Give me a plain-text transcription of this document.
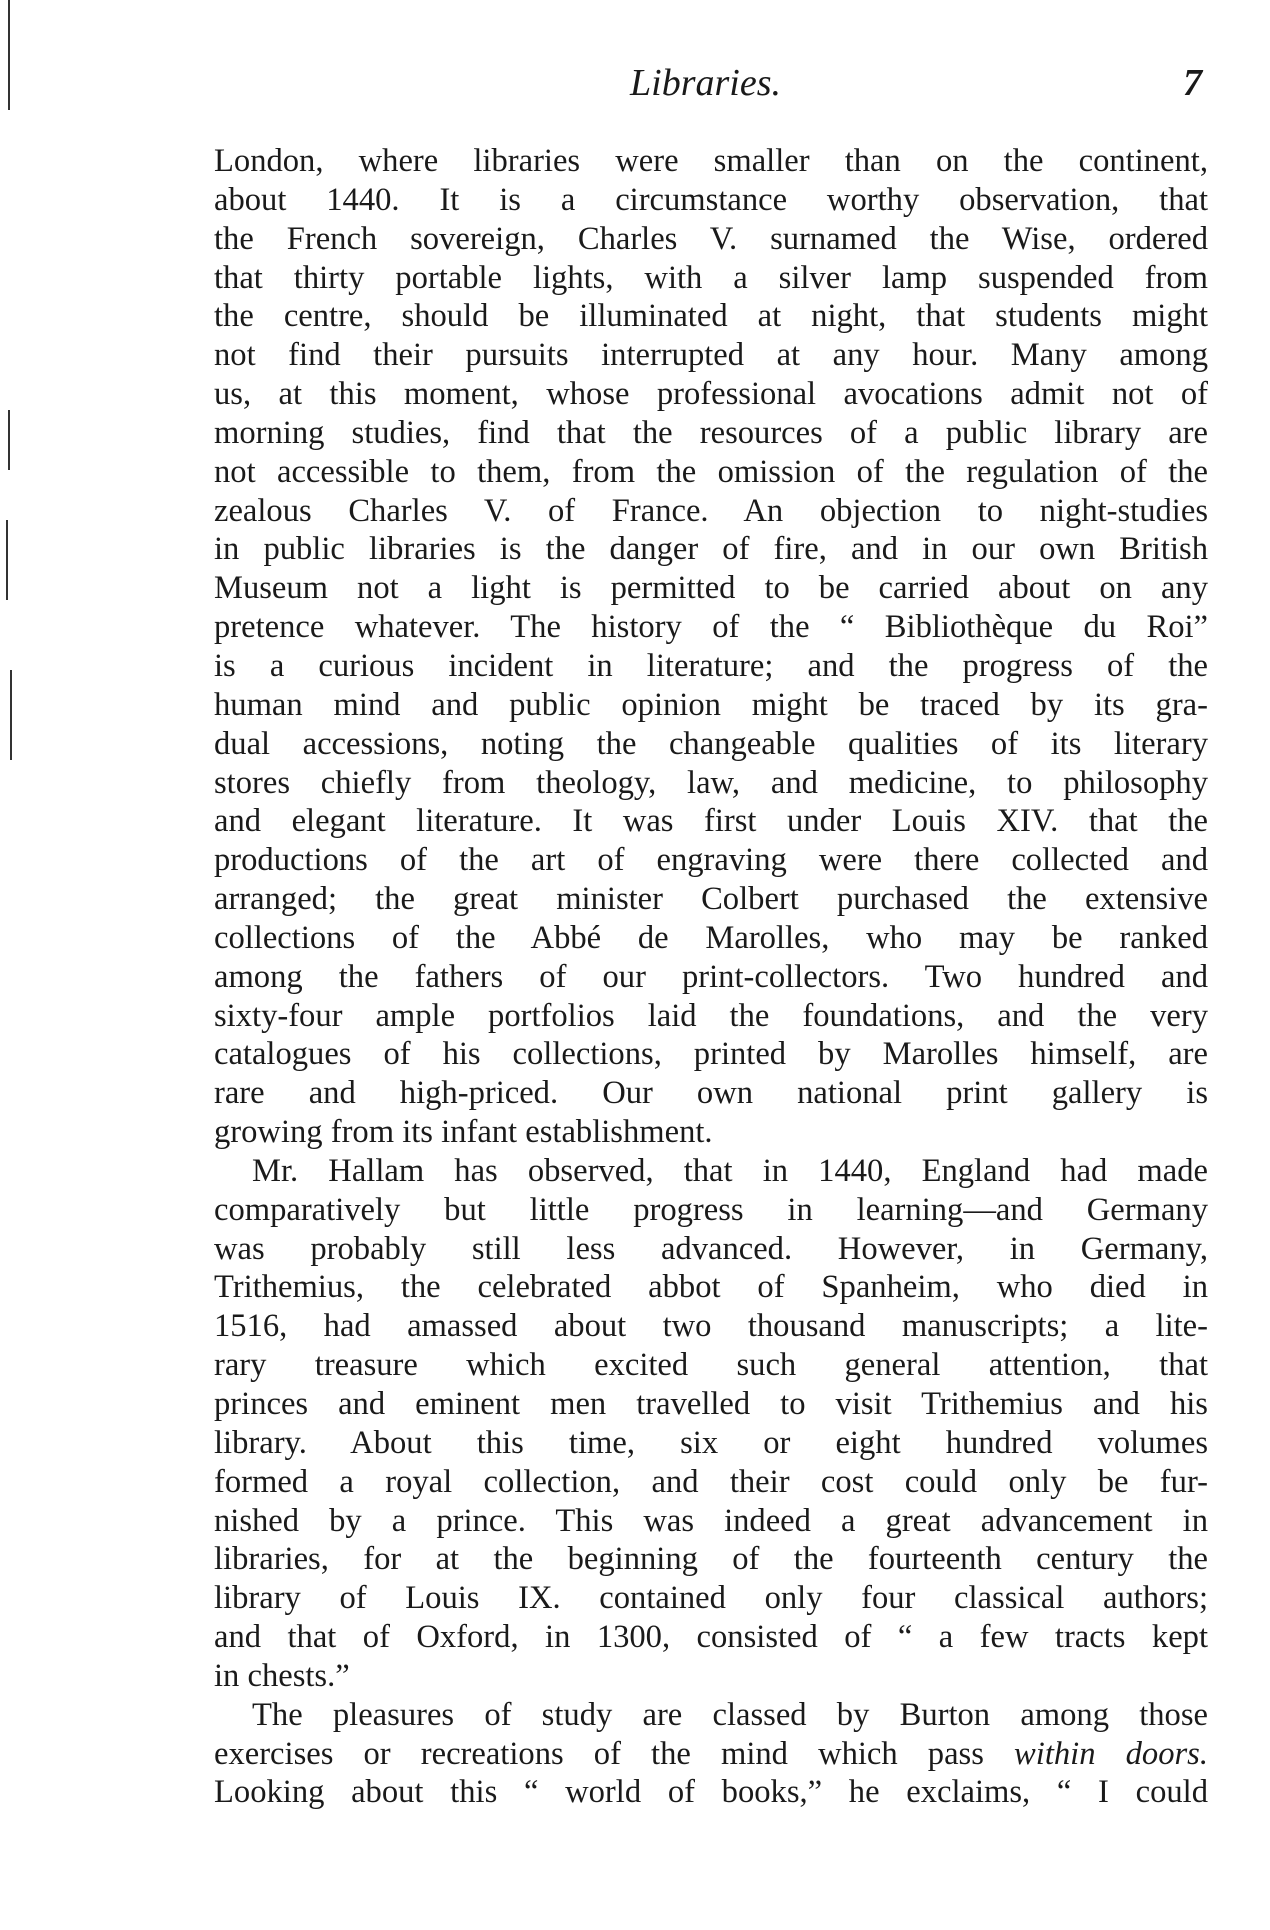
Libraries.	7
London, where libraries were smaller than on the continent,
about 1440. It is a circumstance worthy observation, that
the French sovereign, Charles V. surnamed the Wise, ordered
that thirty portable lights, with a silver lamp suspended from
the centre, should be illuminated at night, that students might
not find their pursuits interrupted at any hour. Many among
us, at this moment, whose professional avocations admit not of
morning studies, find that the resources of a public library are
not accessible to them, from the omission of the regulation of the
zealous Charles V. of France. An objection to night-studies
in public libraries is the danger of fire, and in our own British
Museum not a light is permitted to be carried about on any
pretence whatever. The history of the “ Bibliothèque du Roi”
is a curious incident in literature; and the progress of the
human mind and public opinion might be traced by its gra-
dual accessions, noting the changeable qualities of its literary
stores chiefly from theology, law, and medicine, to philosophy
and elegant literature. It was first under Louis XIV. that the
productions of the art of engraving were there collected and
arranged; the great minister Colbert purchased the extensive
collections of the Abbé de Marolles, who may be ranked
among the fathers of our print-collectors. Two hundred and
sixty-four ample portfolios laid the foundations, and the very
catalogues of his collections, printed by Marolles himself, are
rare and high-priced. Our own national print gallery is
growing from its infant establishment.
Mr. Hallam has observed, that in 1440, England had made
comparatively but little progress in learning—and Germany
was probably still less advanced. However, in Germany,
Trithemius, the celebrated abbot of Spanheim, who died in
1516, had amassed about two thousand manuscripts; a lite-
rary treasure which excited such general attention, that
princes and eminent men travelled to visit Trithemius and his
library. About this time, six or eight hundred volumes
formed a royal collection, and their cost could only be fur-
nished by a prince. This was indeed a great advancement in
libraries, for at the beginning of the fourteenth century the
library of Louis IX. contained only four classical authors;
and that of Oxford, in 1300, consisted of “ a few tracts kept
in chests.”
The pleasures of study are classed by Burton among those
exercises or recreations of the mind which pass within doors.
Looking about this “ world of books,” he exclaims, “ I could
